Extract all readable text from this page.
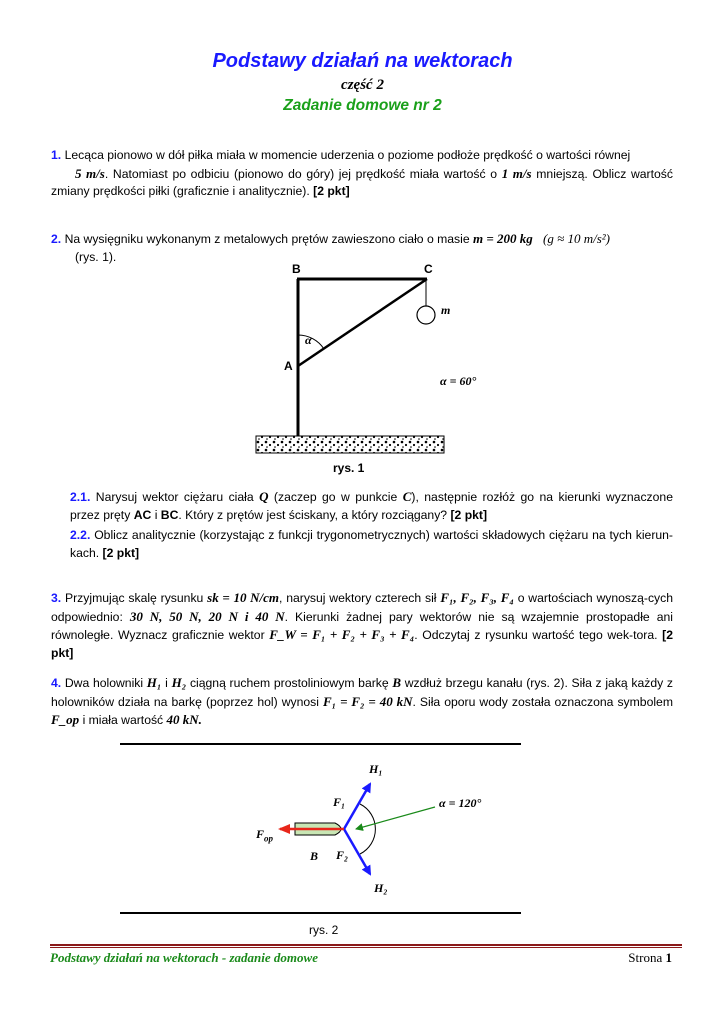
Podstawy działań na wektorach
część 2
Zadanie domowe nr 2
1. Lecąca pionowo w dół piłka miała w momencie uderzenia o poziome podłoże prędkość o wartości równej
5 m/s. Natomiast po odbiciu (pionowo do góry) jej prędkość miała wartość o 1 m/s mniejszą. Oblicz wartość zmiany prędkości piłki (graficznie i analitycznie). [2 pkt]
2. Na wysięgniku wykonanym z metalowych prętów zawieszono ciało o masie m = 200 kg (g ≈ 10 m/s²)
(rys. 1).
B	C
A
m
α
α = 60°
rys. 1
2.1. Narysuj wektor ciężaru ciała Q (zaczep go w punkcie C), następnie rozłóż go na kierunki wyznaczone przez pręty AC i BC. Który z prętów jest ściskany, a który rozciągany? [2 pkt]
2.2. Oblicz analitycznie (korzystając z funkcji trygonometrycznych) wartości składowych ciężaru na tych kierun-kach. [2 pkt]
3. Przyjmując skalę rysunku sk = 10 N/cm, narysuj wektory czterech sił F₁, F₂, F₃, F₄ o wartościach wynoszą-cych odpowiednio: 30 N, 50 N, 20 N i 40 N. Kierunki żadnej pary wektorów nie są wzajemnie prostopadłe ani równoległe. Wyznacz graficznie wektor F_W = F₁ + F₂ + F₃ + F₄. Odczytaj z rysunku wartość tego wek-tora. [2 pkt]
4. Dwa holowniki H₁ i H₂ ciągną ruchem prostoliniowym barkę B wzdłuż brzegu kanału (rys. 2). Siła z jaką każdy z holowników działa na barkę (poprzez hol) wynosi F₁ = F₂ = 40 kN. Siła oporu wody została oznaczona symbolem F_op i miała wartość 40 kN.
H₁
H₂
F₁
F₂
$F_{op}$
B
α = 120°
rys. 2
Podstawy działań na wektorach - zadanie domowe	Strona 1
